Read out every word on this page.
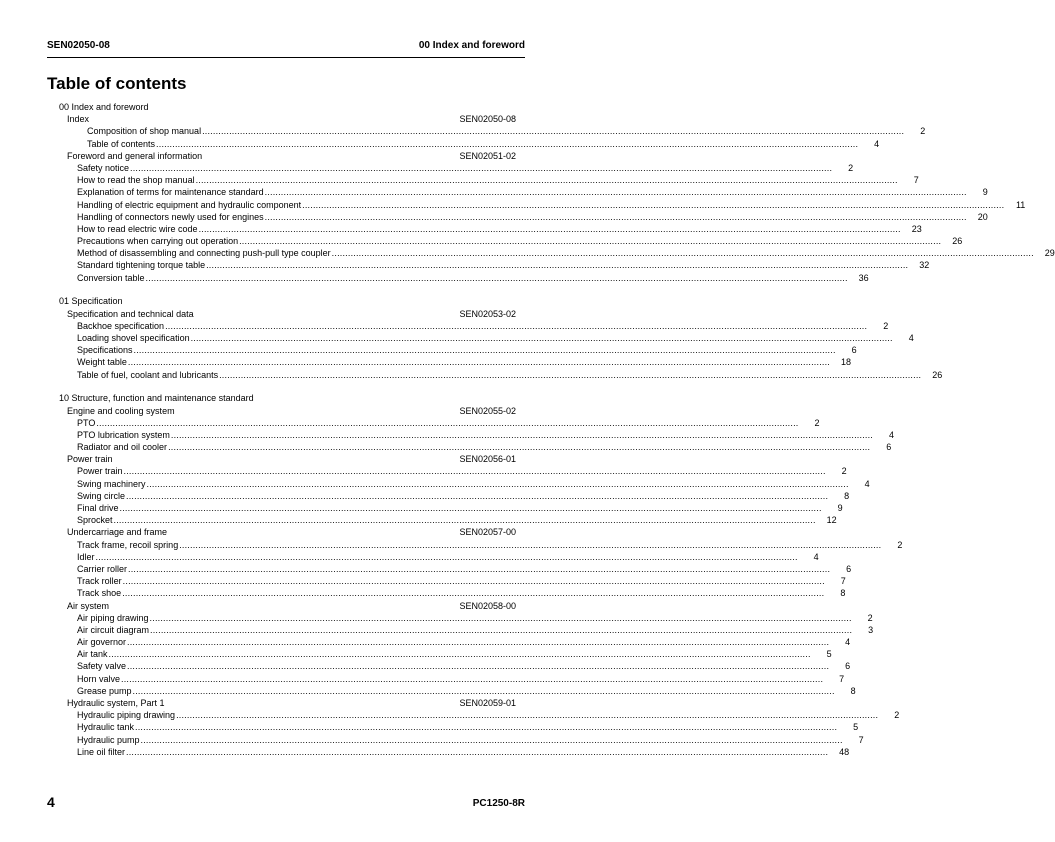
SEN02050-08	00 Index and foreword
Table of contents
00 Index and foreword
Index	SEN02050-08
Composition of shop manual ....................................................................................................................................................................................................................................................................	2
Table of contents ....................................................................................................................................................................................................................................................................	4
Foreword and general information	SEN02051-02
Safety notice ....................................................................................................................................................................................................................................................................	2
How to read the shop manual ....................................................................................................................................................................................................................................................................	7
Explanation of terms for maintenance standard ....................................................................................................................................................................................................................................................................	9
Handling of electric equipment and hydraulic component ....................................................................................................................................................................................................................................................................	11
Handling of connectors newly used for engines ....................................................................................................................................................................................................................................................................	20
How to read electric wire code ....................................................................................................................................................................................................................................................................	23
Precautions when carrying out operation ....................................................................................................................................................................................................................................................................	26
Method of disassembling and connecting push-pull type coupler ....................................................................................................................................................................................................................................................................	29
Standard tightening torque table ....................................................................................................................................................................................................................................................................	32
Conversion table ....................................................................................................................................................................................................................................................................	36
01 Specification
Specification and technical data	SEN02053-02
Backhoe specification ....................................................................................................................................................................................................................................................................	2
Loading shovel specification ....................................................................................................................................................................................................................................................................	4
Specifications ....................................................................................................................................................................................................................................................................	6
Weight table ....................................................................................................................................................................................................................................................................	18
Table of fuel, coolant and lubricants ....................................................................................................................................................................................................................................................................	26
10 Structure, function and maintenance standard
Engine and cooling system	SEN02055-02
PTO ....................................................................................................................................................................................................................................................................	2
PTO lubrication system ....................................................................................................................................................................................................................................................................	4
Radiator and oil cooler ....................................................................................................................................................................................................................................................................	6
Power train	SEN02056-01
Power train ....................................................................................................................................................................................................................................................................	2
Swing machinery ....................................................................................................................................................................................................................................................................	4
Swing circle ....................................................................................................................................................................................................................................................................	8
Final drive ....................................................................................................................................................................................................................................................................	9
Sprocket ....................................................................................................................................................................................................................................................................	12
Undercarriage and frame	SEN02057-00
Track frame, recoil spring ....................................................................................................................................................................................................................................................................	2
Idler ....................................................................................................................................................................................................................................................................	4
Carrier roller ....................................................................................................................................................................................................................................................................	6
Track roller ....................................................................................................................................................................................................................................................................	7
Track shoe ....................................................................................................................................................................................................................................................................	8
Air system	SEN02058-00
Air piping drawing ....................................................................................................................................................................................................................................................................	2
Air circuit diagram ....................................................................................................................................................................................................................................................................	3
Air governor ....................................................................................................................................................................................................................................................................	4
Air tank ....................................................................................................................................................................................................................................................................	5
Safety valve ....................................................................................................................................................................................................................................................................	6
Horn valve ....................................................................................................................................................................................................................................................................	7
Grease pump ....................................................................................................................................................................................................................................................................	8
Hydraulic system, Part 1	SEN02059-01
Hydraulic piping drawing ....................................................................................................................................................................................................................................................................	2
Hydraulic tank ....................................................................................................................................................................................................................................................................	5
Hydraulic pump ....................................................................................................................................................................................................................................................................	7
Line oil filter ....................................................................................................................................................................................................................................................................	48
4	PC1250-8R
